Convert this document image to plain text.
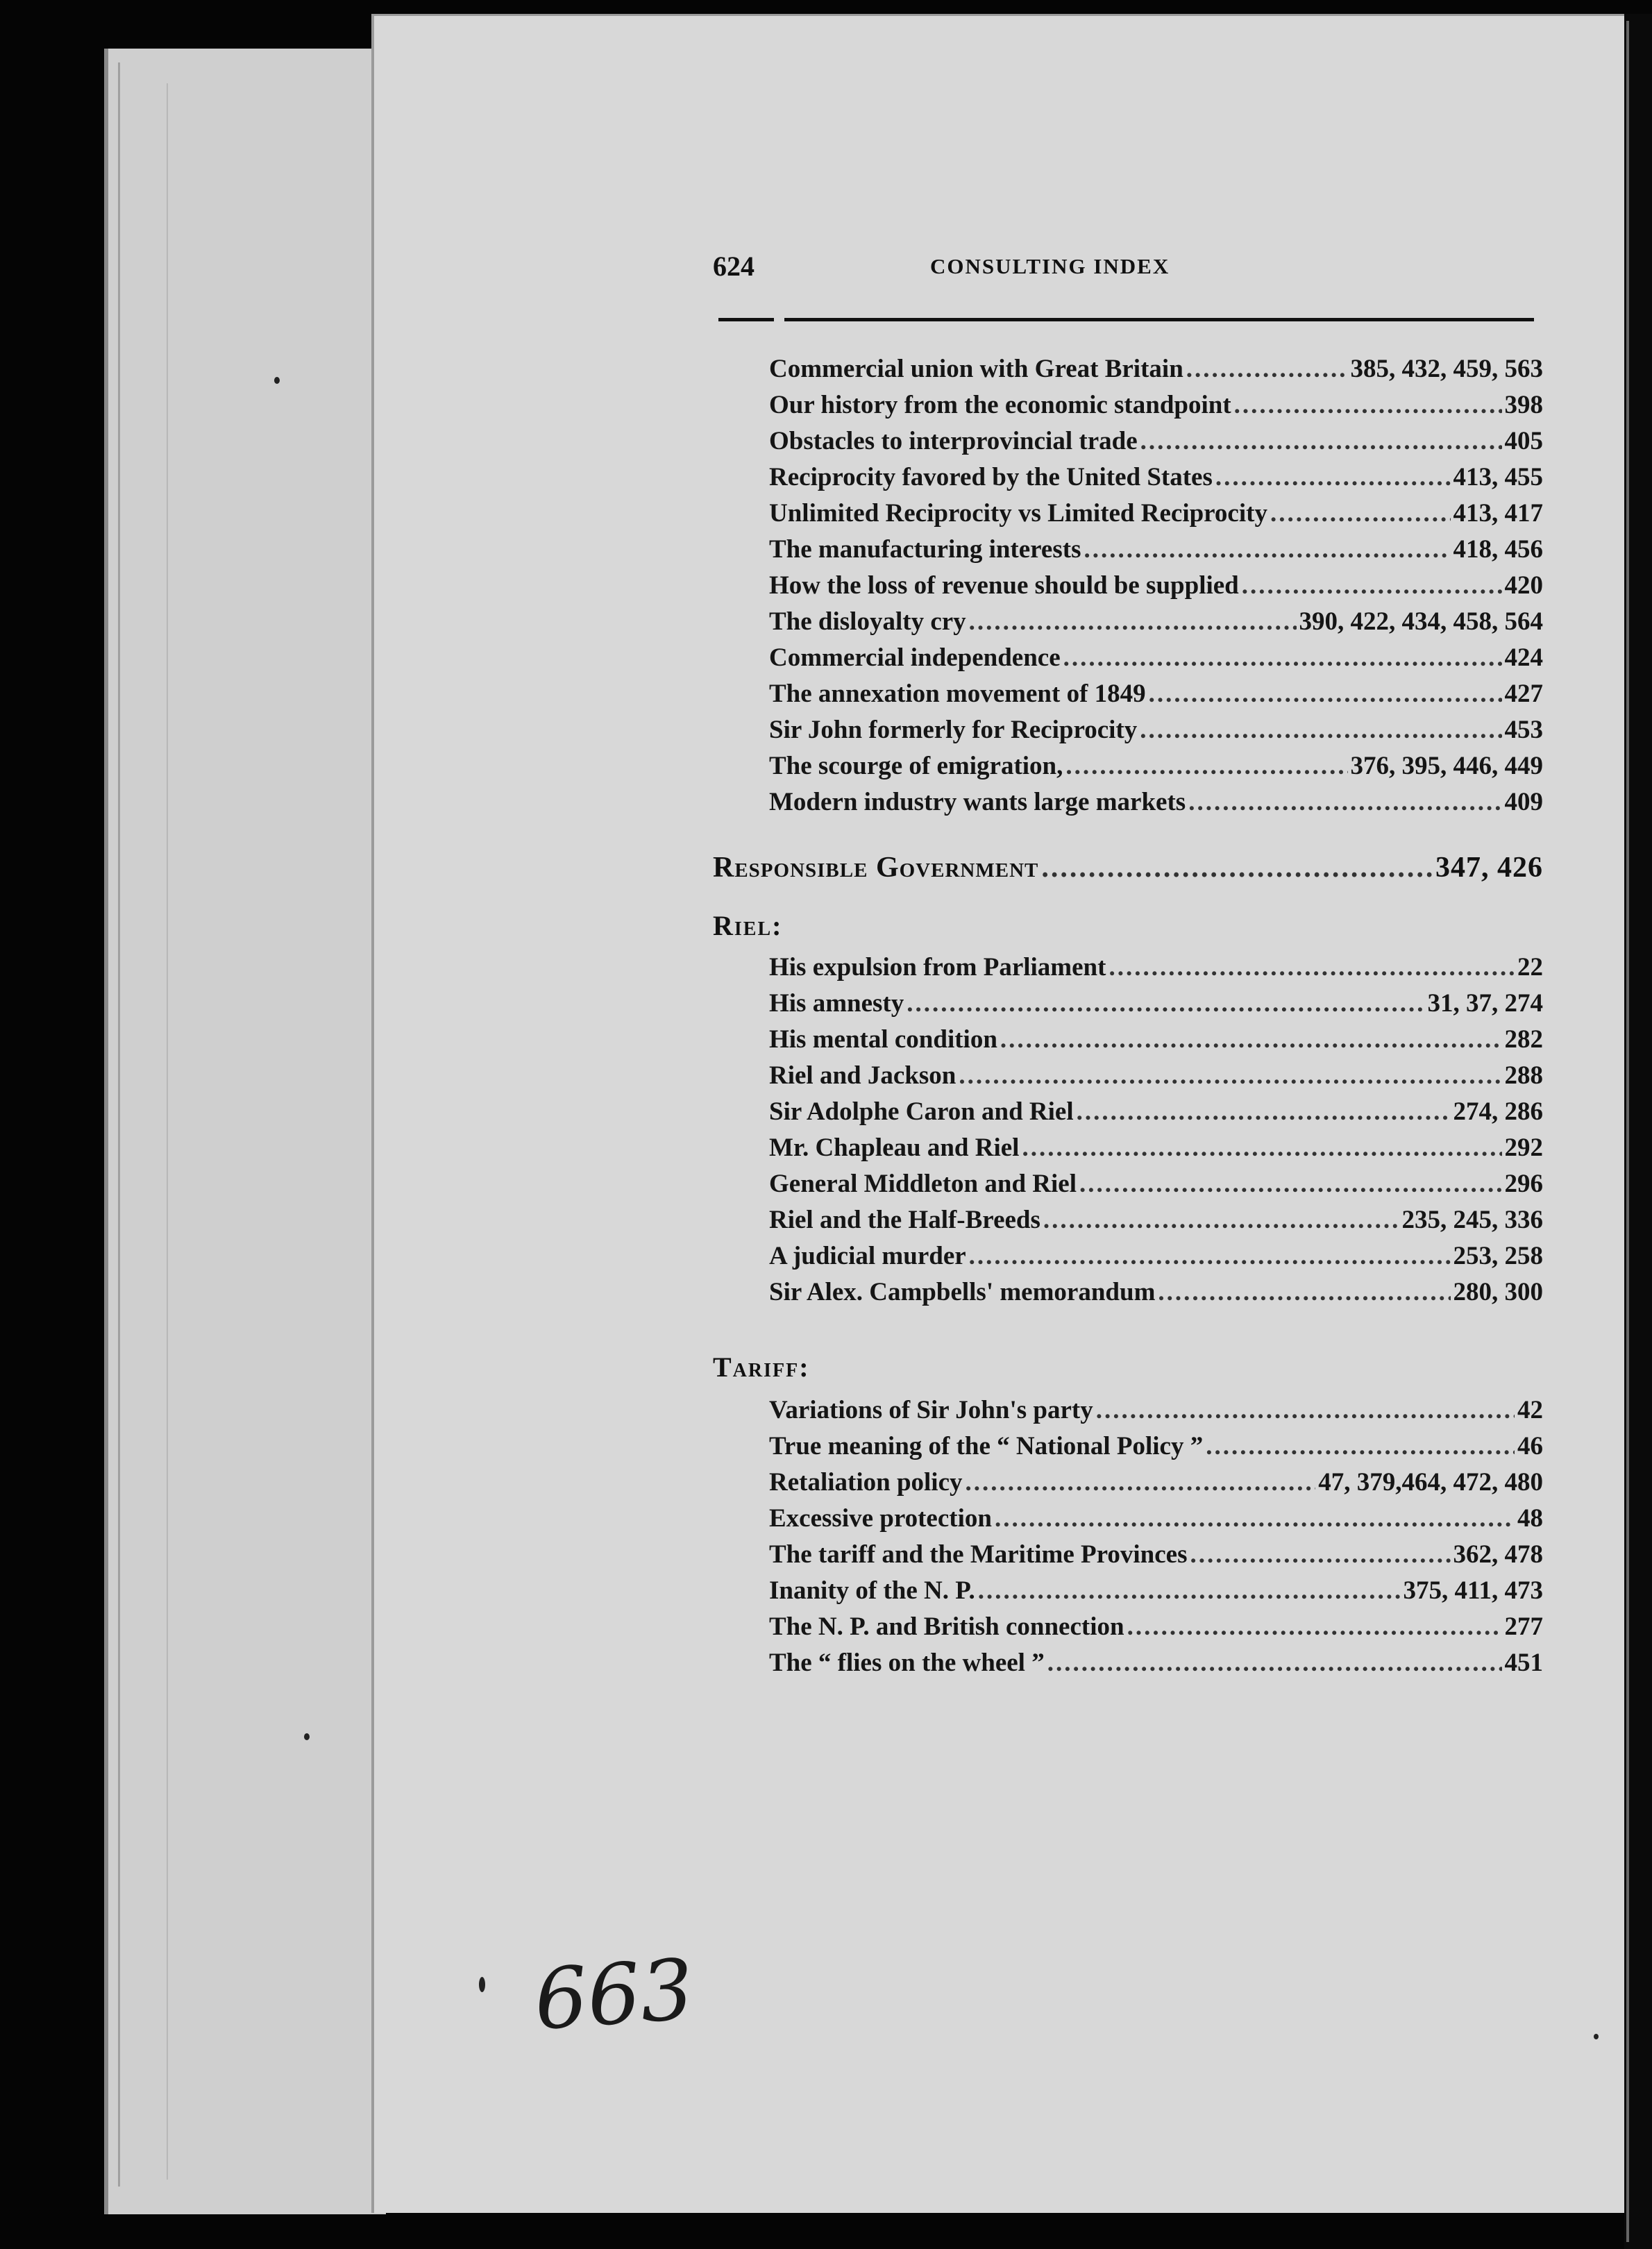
624	CONSULTING INDEX
Commercial union with Great Britain .....	385, 432, 459, 563
Our history from the economic standpoint .....	398
Obstacles to interprovincial trade .....	405
Reciprocity favored by the United States .....	413, 455
Unlimited Reciprocity vs Limited Reciprocity .....	413, 417
The manufacturing interests .....	418, 456
How the loss of revenue should be supplied .....	420
The disloyalty cry .....	390, 422, 434, 458, 564
Commercial independence .....	424
The annexation movement of 1849 .....	427
Sir John formerly for Reciprocity .....	453
The scourge of emigration, .....	376, 395, 446, 449
Modern industry wants large markets .....	409
Responsible Government .....	347, 426
Riel:
His expulsion from Parliament .....	22
His amnesty .....	31, 37, 274
His mental condition .....	282
Riel and Jackson .....	288
Sir Adolphe Caron and Riel .....	274, 286
Mr. Chapleau and Riel .....	292
General Middleton and Riel .....	296
Riel and the Half-Breeds .....	235, 245, 336
A judicial murder .....	253, 258
Sir Alex. Campbells' memorandum .....	280, 300
Tariff:
Variations of Sir John's party .....	42
True meaning of the “ National Policy ” .....	46
Retaliation policy .....	47, 379,464, 472, 480
Excessive protection .....	48
The tariff and the Maritime Provinces .....	362, 478
Inanity of the N. P. .....	375, 411, 473
The N. P. and British connection .....	277
The “ flies on the wheel ” .....	451
663
